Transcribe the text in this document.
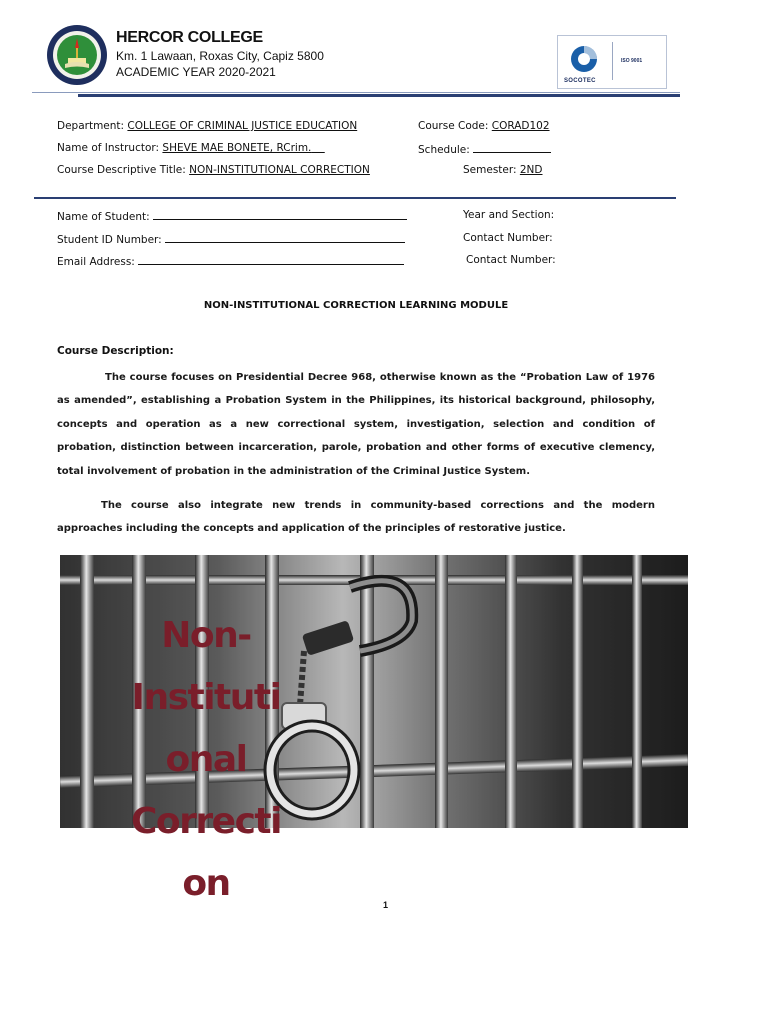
HERCOR COLLEGE
Km. 1 Lawaan, Roxas City, Capiz 5800
ACADEMIC YEAR 2020-2021
SOCOTEC
ISO 9001
Department: COLLEGE OF CRIMINAL JUSTICE EDUCATION	Course Code: CORAD102
Name of Instructor: SHEVE MAE BONETE, RCrim.	Schedule:
Course Descriptive Title: NON-INSTITUTIONAL CORRECTION	Semester: 2ND
Name of Student:	Year and Section:
Student ID Number:	Contact Number:
Email Address:	Contact Number:
NON-INSTITUTIONAL CORRECTION LEARNING MODULE
Course Description:
The course focuses on Presidential Decree 968, otherwise known as the “Probation Law of 1976 as amended”, establishing a Probation System in the Philippines, its historical background, philosophy, concepts and operation as a new correctional system, investigation, selection and condition of probation, distinction between incarceration, parole, probation and other forms of executive clemency, total involvement of probation in the administration of the Criminal Justice System.
The course also integrate new trends in community-based corrections and the modern approaches including the concepts and application of the principles of restorative justice.
Non-
Instituti
onal
Correcti
on
1
